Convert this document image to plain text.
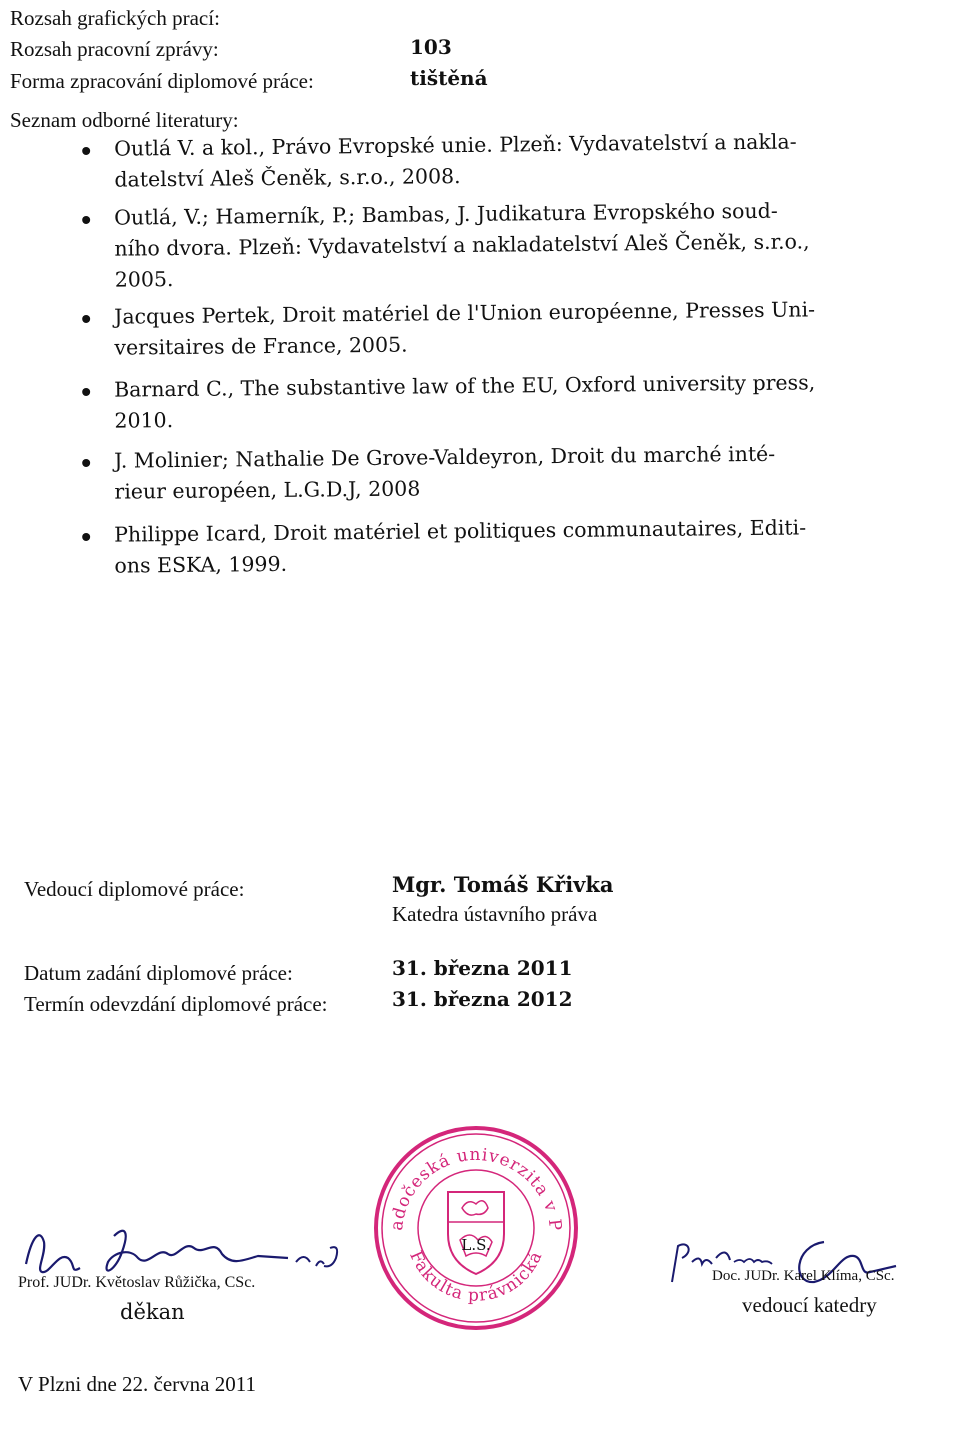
Rozsah grafických prací:
Rozsah pracovní zprávy:	103
Forma zpracování diplomové práce:	tištěná
Seznam odborné literatury:
Outlá V. a kol., Právo Evropské unie. Plzeň: Vydavatelství a nakla-
datelství Aleš Čeněk, s.r.o., 2008.
Outlá, V.; Hamerník, P.; Bambas, J. Judikatura Evropského soud-
ního dvora. Plzeň: Vydavatelství a nakladatelství Aleš Čeněk, s.r.o.,
2005.
Jacques Pertek, Droit matériel de l'Union européenne, Presses Uni-
versitaires de France, 2005.
Barnard C., The substantive law of the EU, Oxford university press,
2010.
J. Molinier; Nathalie De Grove-Valdeyron, Droit du marché inté-
rieur européen, L.G.D.J, 2008
Philippe Icard, Droit matériel et politiques communautaires, Editi-
ons ESKA, 1999.
Vedoucí diplomové práce:	Mgr. Tomáš Křivka
Katedra ústavního práva
Datum zadání diplomové práce:	31. března 2011
Termín odevzdání diplomové práce:	31. března 2012
adočeská univerzita v P
Fakulta právnická
L.S.
Prof. JUDr. Květoslav Růžička, CSc.
děkan
Doc. JUDr. Karel Klíma, CSc.
vedoucí katedry
V Plzni dne 22. června 2011
